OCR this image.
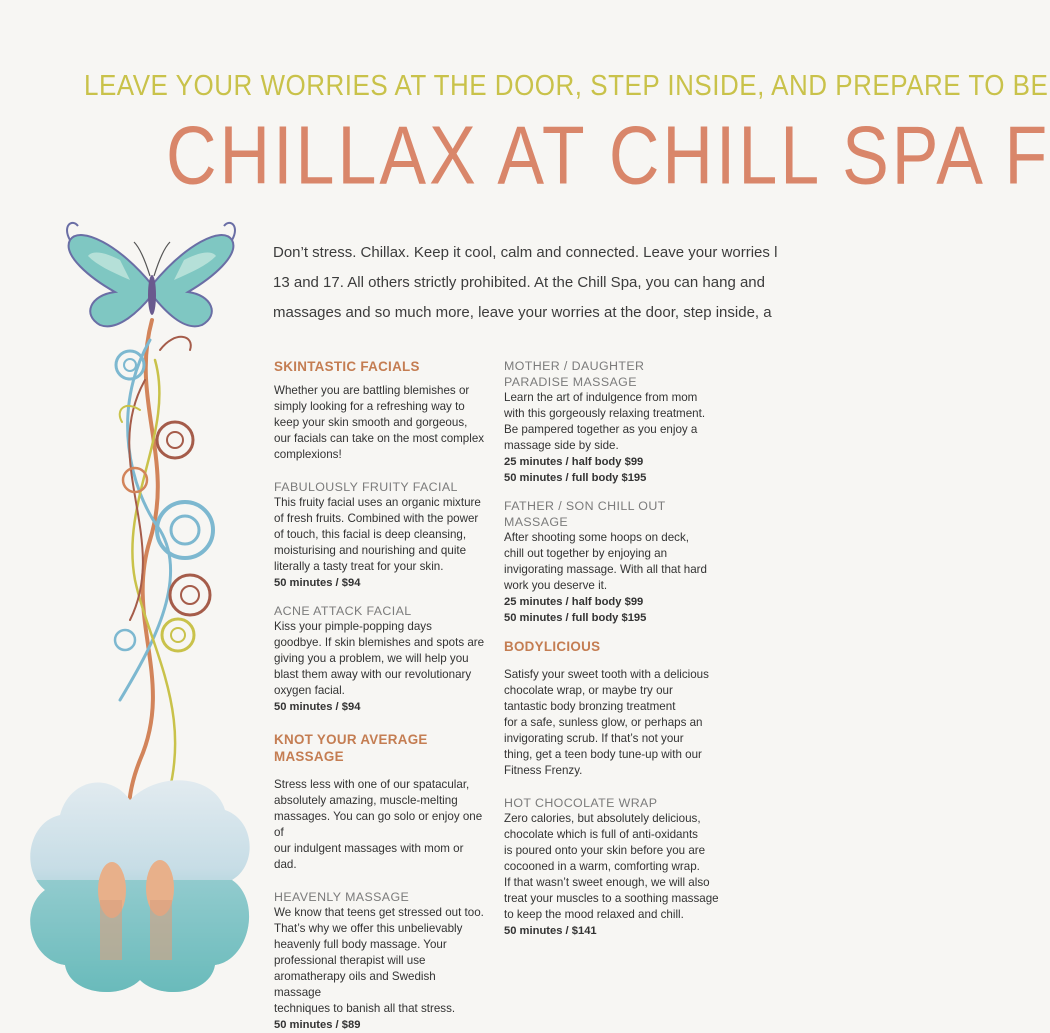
LEAVE YOUR WORRIES AT THE DOOR, STEP INSIDE, AND PREPARE TO BE
CHILLAX AT CHILL SPA F

Don’t stress. Chillax. Keep it cool, calm and connected. Leave your worries l

13 and 17. All others strictly prohibited. At the Chill Spa, you can hang and

massages and so much more, leave your worries at the door, step inside, a

SKINTASTIC FACIALS
Whether you are battling blemishes or
simply looking for a refreshing way to
keep your skin smooth and gorgeous,
our facials can take on the most complex
complexions!
FABULOUSLY FRUITY FACIAL
This fruity facial uses an organic mixture
of fresh fruits. Combined with the power
of touch, this facial is deep cleansing,
moisturising and nourishing and quite
literally a tasty treat for your skin.
50 minutes / $94
ACNE ATTACK FACIAL
Kiss your pimple-popping days
goodbye. If skin blemishes and spots are
giving you a problem, we will help you
blast them away with our revolutionary
oxygen facial.
50 minutes / $94
KNOT YOUR AVERAGE
MASSAGE
Stress less with one of our spatacular,
absolutely amazing, muscle-melting
massages. You can go solo or enjoy one of
our indulgent massages with mom or dad.
HEAVENLY MASSAGE
We know that teens get stressed out too.
That’s why we offer this unbelievably
heavenly full body massage. Your
professional therapist will use
aromatherapy oils and Swedish massage
techniques to banish all that stress.
50 minutes / $89
MOTHER / DAUGHTER
PARADISE MASSAGE
Learn the art of indulgence from mom
with this gorgeously relaxing treatment.
Be pampered together as you enjoy a
massage side by side.
25 minutes / half body $99
50 minutes / full body $195
FATHER / SON CHILL OUT MASSAGE
After shooting some hoops on deck,
chill out together by enjoying an
invigorating massage. With all that hard
work you deserve it.
25 minutes / half body $99
50 minutes / full body $195
BODYLICIOUS
Satisfy your sweet tooth with a delicious
chocolate wrap, or maybe try our
tantastic body bronzing treatment
for a safe, sunless glow, or perhaps an
invigorating scrub. If that’s not your
thing, get a teen body tune-up with our
Fitness Frenzy.
HOT CHOCOLATE WRAP
Zero calories, but absolutely delicious,
chocolate which is full of anti-oxidants
is poured onto your skin before you are
cocooned in a warm, comforting wrap.
If that wasn’t sweet enough, we will also
treat your muscles to a soothing massage
to keep the mood relaxed and chill.
50 minutes / $141
